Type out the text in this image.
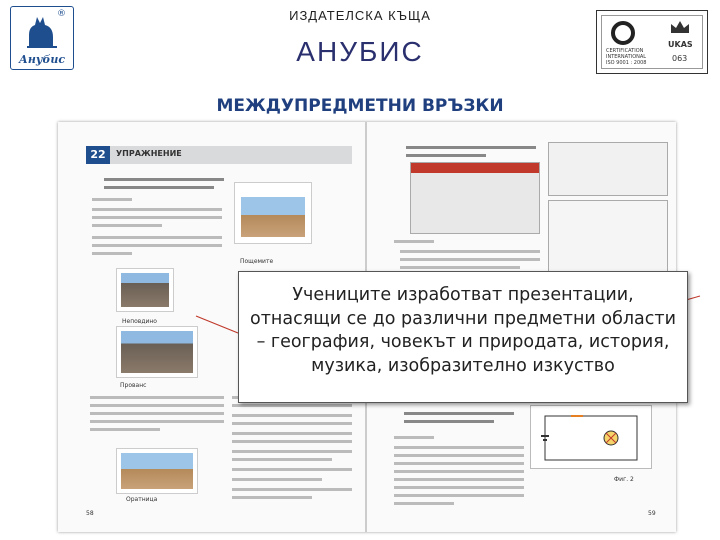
®
Анубис
ИЗДАТЕЛСКА КЪЩА
АНУБИС	CERTIFICATION INTERNATIONAL
ISO 9001 : 2008
UKAS
063
МЕЖДУПРЕДМЕТНИ ВРЪЗКИ
22	УПРАЖНЕНИЕ
Пощемите
Неповдино
Прованс
Оратница
58
Фиг. 2
59
Учениците изработват презентации, отнасящи се до различни предметни области – география, човекът и природата, история, музика, изобразително изкуство
